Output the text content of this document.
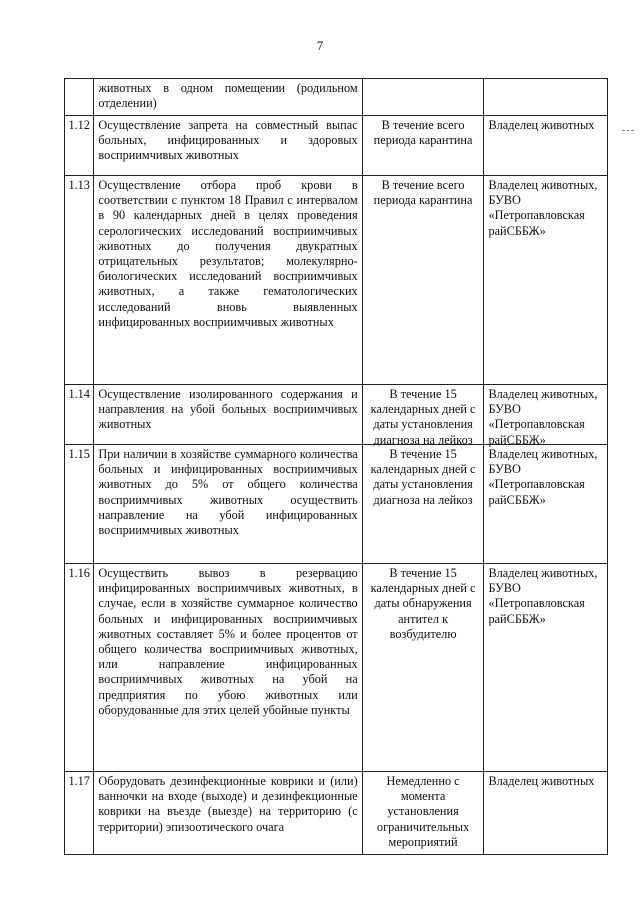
7
животных в одном помещении (родильном отделении)
1.12 Осуществление запрета на совместный выпас больных, инфицированных и здоровых восприимчивых животных
В течение всего периода карантина
Владелец животных
1.13 Осуществление отбора проб крови в соответствии с пунктом 18 Правил с интервалом в 90 календарных дней в целях проведения серологических исследований восприимчивых животных до получения двукратных отрицательных результатов; молекулярно-биологических исследований восприимчивых животных, а также гематологических исследований вновь выявленных инфицированных восприимчивых животных
В течение всего периода карантина
Владелец животных, БУВО «Петропавловская райСББЖ»
1.14 Осуществление изолированного содержания и направления на убой больных восприимчивых животных
В течение 15 календарных дней с даты установления диагноза на лейкоз
Владелец животных, БУВО «Петропавловская райСББЖ»
1.15 При наличии в хозяйстве суммарного количества больных и инфицированных восприимчивых животных до 5% от общего количества восприимчивых животных осуществить направление на убой инфицированных восприимчивых животных
В течение 15 календарных дней с даты установления диагноза на лейкоз
Владелец животных, БУВО «Петропавловская райСББЖ»
1.16 Осуществить вывоз в резервацию инфицированных восприимчивых животных, в случае, если в хозяйстве суммарное количество больных и инфицированных восприимчивых животных составляет 5% и более процентов от общего количества восприимчивых животных, или направление инфицированных восприимчивых животных на убой на предприятия по убою животных или оборудованные для этих целей убойные пункты
В течение 15 календарных дней с даты обнаружения антител к возбудителю
Владелец животных, БУВО «Петропавловская райСББЖ»
1.17 Оборудовать дезинфекционные коврики и (или) ванночки на входе (выходе) и дезинфекционные коврики на въезде (выезде) на территорию (с территории) эпизоотического очага
Немедленно с момента установления ограничительных мероприятий
Владелец животных
